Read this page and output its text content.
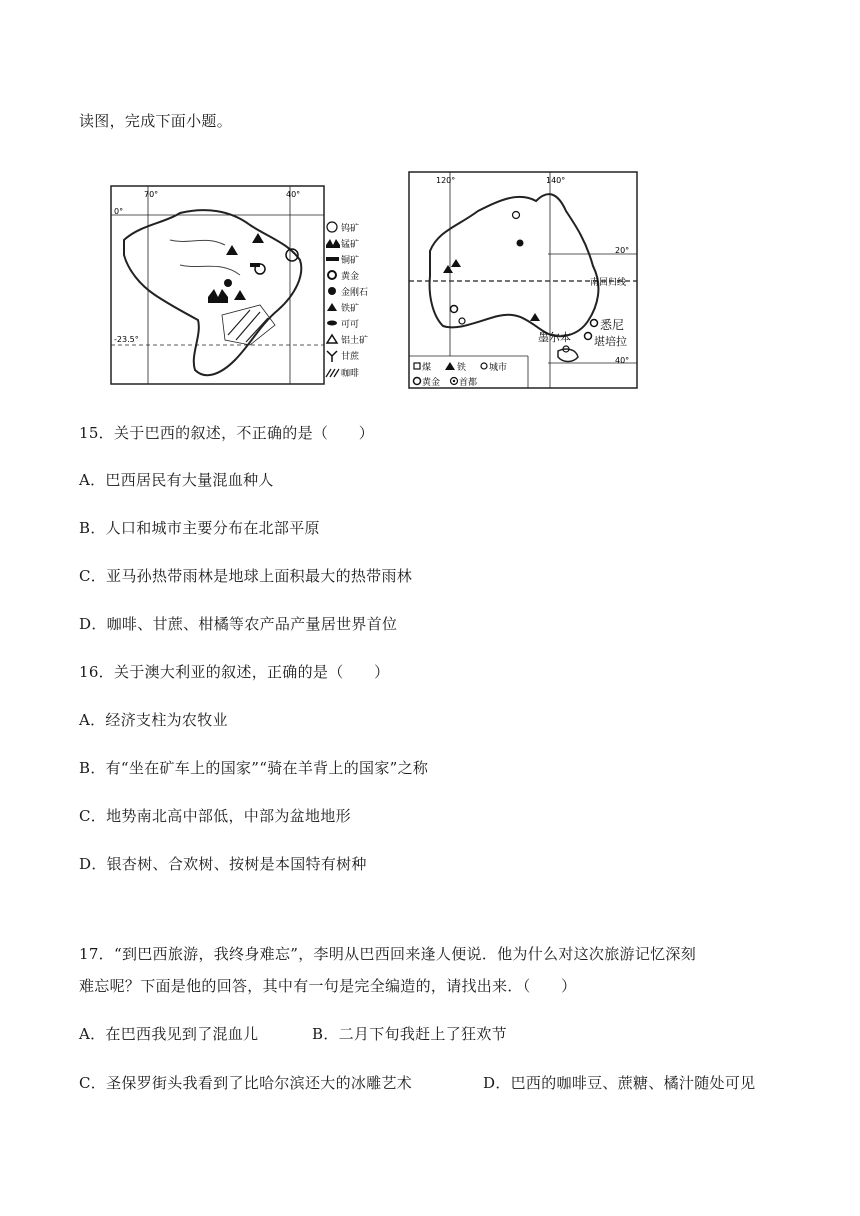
读图，完成下面小题。
70°	40°
0°
-23.5°
钨矿
锰矿
铜矿
黄金
金刚石
铁矿
可可
铝土矿
甘蔗
咖啡
120°	140°
20°
40°
南回归线
悉尼
墨尔本 堪培拉
煤	铁	城市
黄金 首都
15．关于巴西的叙述，不正确的是（　　）
A．巴西居民有大量混血种人
B．人口和城市主要分布在北部平原
C．亚马孙热带雨林是地球上面积最大的热带雨林
D．咖啡、甘蔗、柑橘等农产品产量居世界首位
16．关于澳大利亚的叙述，正确的是（　　）
A．经济支柱为农牧业
B．有“坐在矿车上的国家”“骑在羊背上的国家”之称
C．地势南北高中部低，中部为盆地地形
D．银杏树、合欢树、按树是本国特有树种
17．“到巴西旅游，我终身难忘”，李明从巴西回来逢人便说．他为什么对这次旅游记忆深刻
难忘呢？下面是他的回答，其中有一句是完全编造的，请找出来．（　　）
A．在巴西我见到了混血儿	B．二月下旬我赶上了狂欢节
C．圣保罗街头我看到了比哈尔滨还大的冰雕艺术	D．巴西的咖啡豆、蔗糖、橘汁随处可见
